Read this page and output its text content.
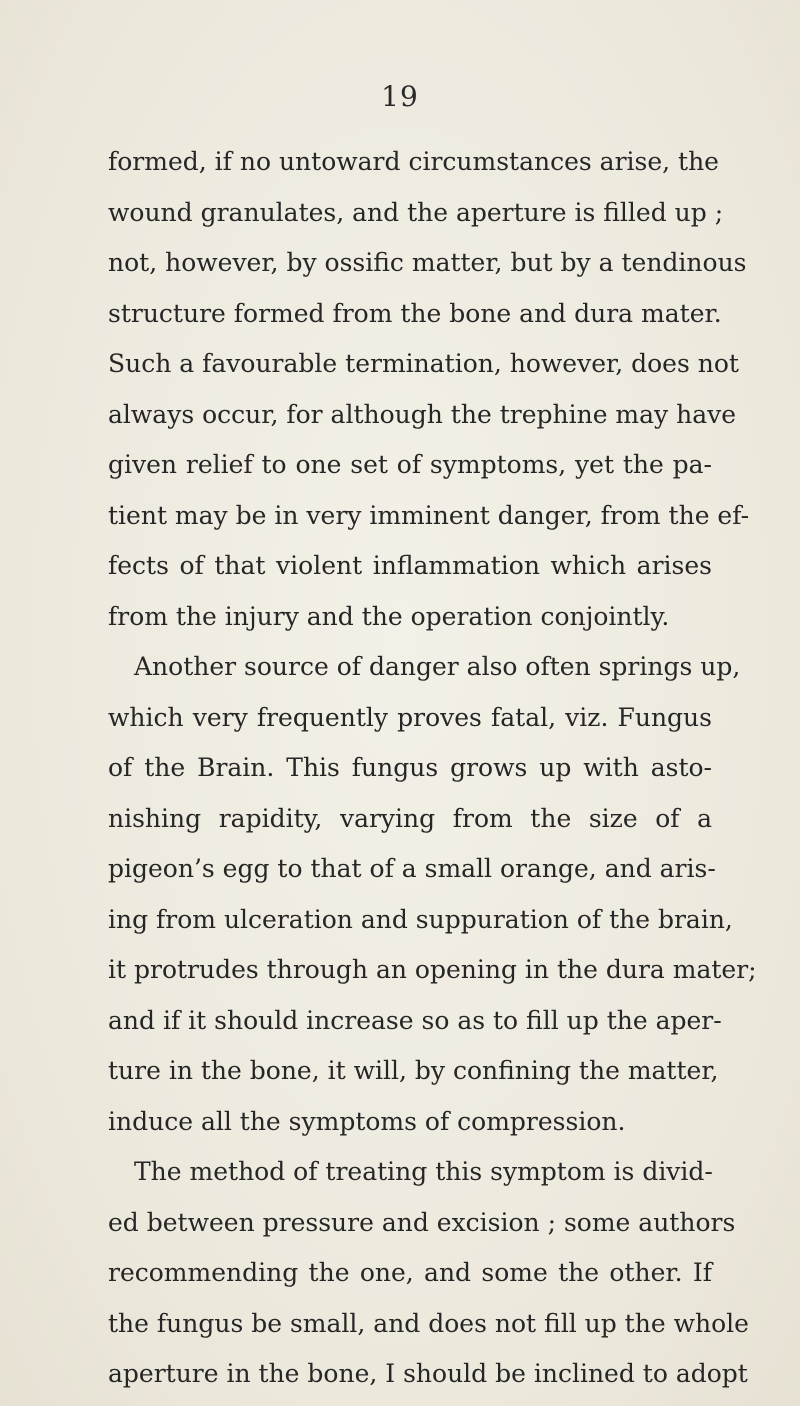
19
formed, if no untoward circumstances arise, the
wound granulates, and the aperture is filled up ;
not, however, by ossific matter, but by a tendinous
structure formed from the bone and dura mater.
Such a favourable termination, however, does not
always occur, for although the trephine may have
given relief to one set of symptoms, yet the pa-
tient may be in very imminent danger, from the ef-
fects of that violent inflammation which arises
from the injury and the operation conjointly.
Another source of danger also often springs up,
which very frequently proves fatal, viz. Fungus
of the Brain. This fungus grows up with asto-
nishing rapidity, varying from the size of a
pigeon’s egg to that of a small orange, and aris-
ing from ulceration and suppuration of the brain,
it protrudes through an opening in the dura mater;
and if it should increase so as to fill up the aper-
ture in the bone, it will, by confining the matter,
induce all the symptoms of compression.
The method of treating this symptom is divid-
ed between pressure and excision ; some authors
recommending the one, and some the other. If
the fungus be small, and does not fill up the whole
aperture in the bone, I should be inclined to adopt
